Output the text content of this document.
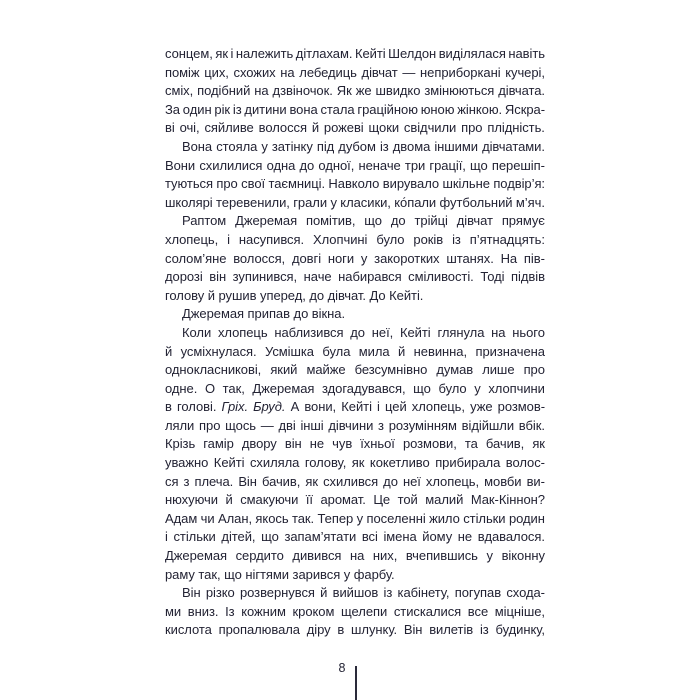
сонцем, як і належить дітлахам. Кейті Шелдон виділялася навіть
поміж цих, схожих на лебедиць дівчат — неприборкані кучері,
сміх, подібний на дзвіночок. Як же швидко змінюються дівчата.
За один рік із дитини вона стала граційною юною жінкою. Яскра-
ві очі, сяйливе волосся й рожеві щоки свідчили про плідність.
Вона стояла у затінку під дубом із двома іншими дівчатами.
Вони схилилися одна до одної, неначе три грації, що перешіп-
туються про свої таємниці. Навколо вирувало шкільне подвір’я:
школярі теревенили, грали у класики, ко́пали футбольний м’яч.
Раптом Джеремая помітив, що до трійці дівчат прямує
хлопець, і насупився. Хлопчині було років із п’ятнадцять:
солом’яне волосся, довгі ноги у закоротких штанях. На пів-
дорозі він зупинився, наче набирався сміливості. Тоді підвів
голову й рушив уперед, до дівчат. До Кейті.
Джеремая припав до вікна.
Коли хлопець наблизився до неї, Кейті глянула на нього
й усміхнулася. Усмішка була мила й невинна, призначена
однокласникові, який майже безсумнівно думав лише про
одне. О так, Джеремая здогадувався, що було у хлопчини
в голові. Гріх. Бруд. А вони, Кейті і цей хлопець, уже розмов-
ляли про щось — дві інші дівчини з розумінням відійшли вбік.
Крізь гамір двору він не чув їхньої розмови, та бачив, як
уважно Кейті схиляла голову, як кокетливо прибирала волос-
ся з плеча. Він бачив, як схилився до неї хлопець, мовби ви-
нюхуючи й смакуючи її аромат. Це той малий Мак-Кіннон?
Адам чи Алан, якось так. Тепер у поселенні жило стільки родин
і стільки дітей, що запам’ятати всі імена йому не вдавалося.
Джеремая сердито дивився на них, вчепившись у віконну
раму так, що нігтями зарився у фарбу.
Він різко розвернувся й вийшов із кабінету, погупав схода-
ми вниз. Із кожним кроком щелепи стискалися все міцніше,
кислота пропалювала діру в шлунку. Він вилетів із будинку,
8
